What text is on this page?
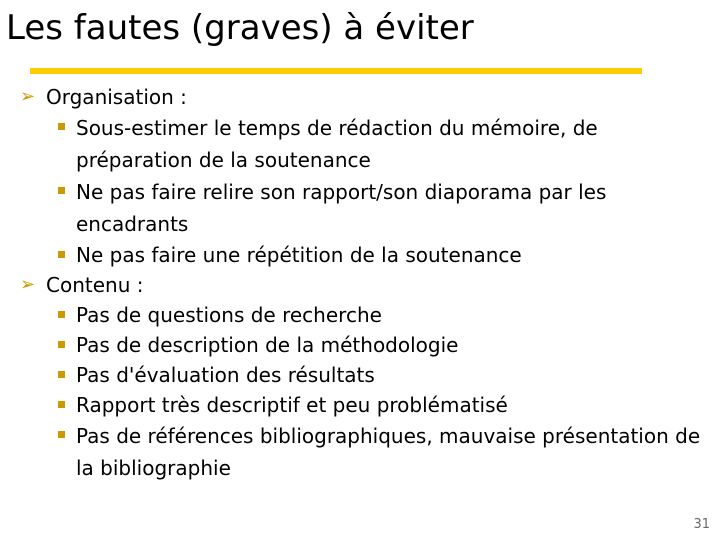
Les fautes (graves) à éviter
➢ Organisation :
Sous-estimer le temps de rédaction du mémoire, de préparation de la soutenance
Ne pas faire relire son rapport/son diaporama par les encadrants
Ne pas faire une répétition de la soutenance
➢ Contenu :
Pas de questions de recherche
Pas de description de la méthodologie
Pas d'évaluation des résultats
Rapport très descriptif et peu problématisé
Pas de références bibliographiques, mauvaise présentation de la bibliographie
31
